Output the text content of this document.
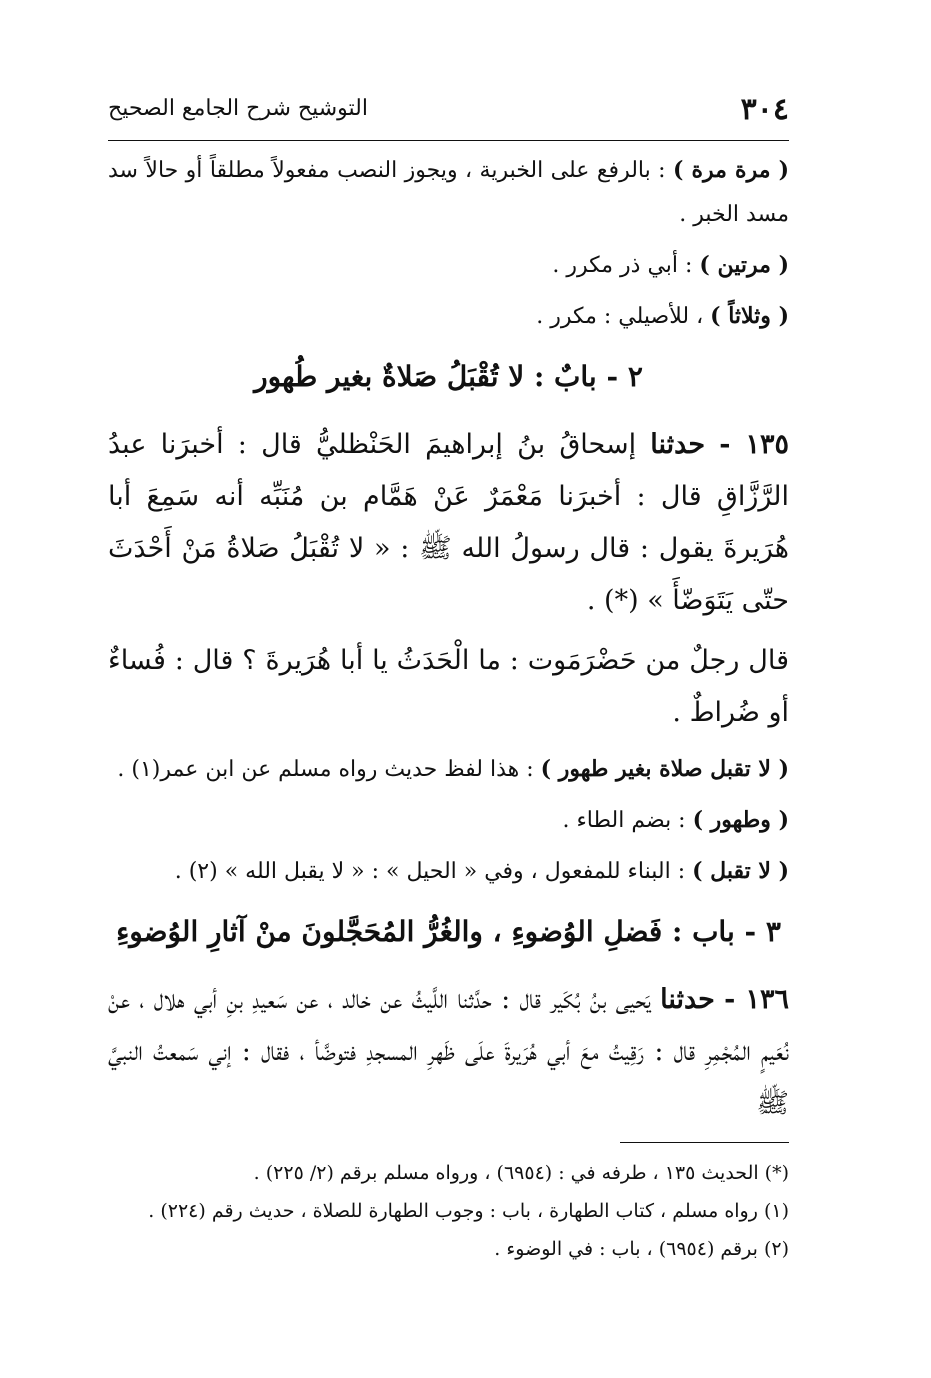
٣٠٤
التوشيح شرح الجامع الصحيح

( مرة مرة ) : بالرفع على الخبرية ، ويجوز النصب مفعولاً مطلقاً أو حالاً سد مسد الخبر .

( مرتين ) : أبي ذر مكرر .

( وثلاثاً ) ، للأصيلي : مكرر .

٢ - بابٌ : لا تُقْبَلُ صَلاةٌ بغير طُهور

١٣٥ - حدثنا إسحاقُ بنُ إبراهيمَ الحَنْظليُّ قال : أخبرَنا عبدُ الرَّزَّاقِ قال : أخبرَنا مَعْمَرٌ عَنْ هَمَّام بن مُنَبِّه أنه سَمِعَ أبا هُرَيرةَ يقول : قال رسولُ الله ﷺ : « لا تُقْبَلُ صَلاةُ مَنْ أَحْدَثَ حتّى يَتَوَضّأَ » (*) .

قال رجلٌ من حَضْرَمَوت : ما الْحَدَثُ يا أبا هُرَيرةَ ؟ قال : فُساءٌ أو ضُراطٌ .

( لا تقبل صلاة بغير طهور ) : هذا لفظ حديث رواه مسلم عن ابن عمر(١) .

( وطهور ) : بضم الطاء .

( لا تقبل ) : البناء للمفعول ، وفي « الحيل » : « لا يقبل الله » (٢) .

٣ - باب : فَضلِ الوُضوءِ ، والغُرُّ المُحَجَّلونَ منْ آثارِ الوُضوءِ

١٣٦ - حدثنا يَحيى بنُ بُكَير قال : حدَّثنا اللَّيثُ عن خالد ، عن سَعيدِ بنِ أبي هلال ، عنْ نُعَيمٍ المُجْمِرِ قال : رَقِيتُ معَ أبي هُرَيرةَ علَى ظَهرِ المسجدِ فتوضَّأ ، فقال : إني سَمعتُ النبيَّ ﷺ

(*) الحديث ١٣٥ ، طرفه في : (٦٩٥٤) ، ورواه مسلم برقم (٢/ ٢٢٥) .

(١) رواه مسلم ، كتاب الطهارة ، باب : وجوب الطهارة للصلاة ، حديث رقم (٢٢٤) .

(٢) برقم (٦٩٥٤) ، باب : في الوضوء .
